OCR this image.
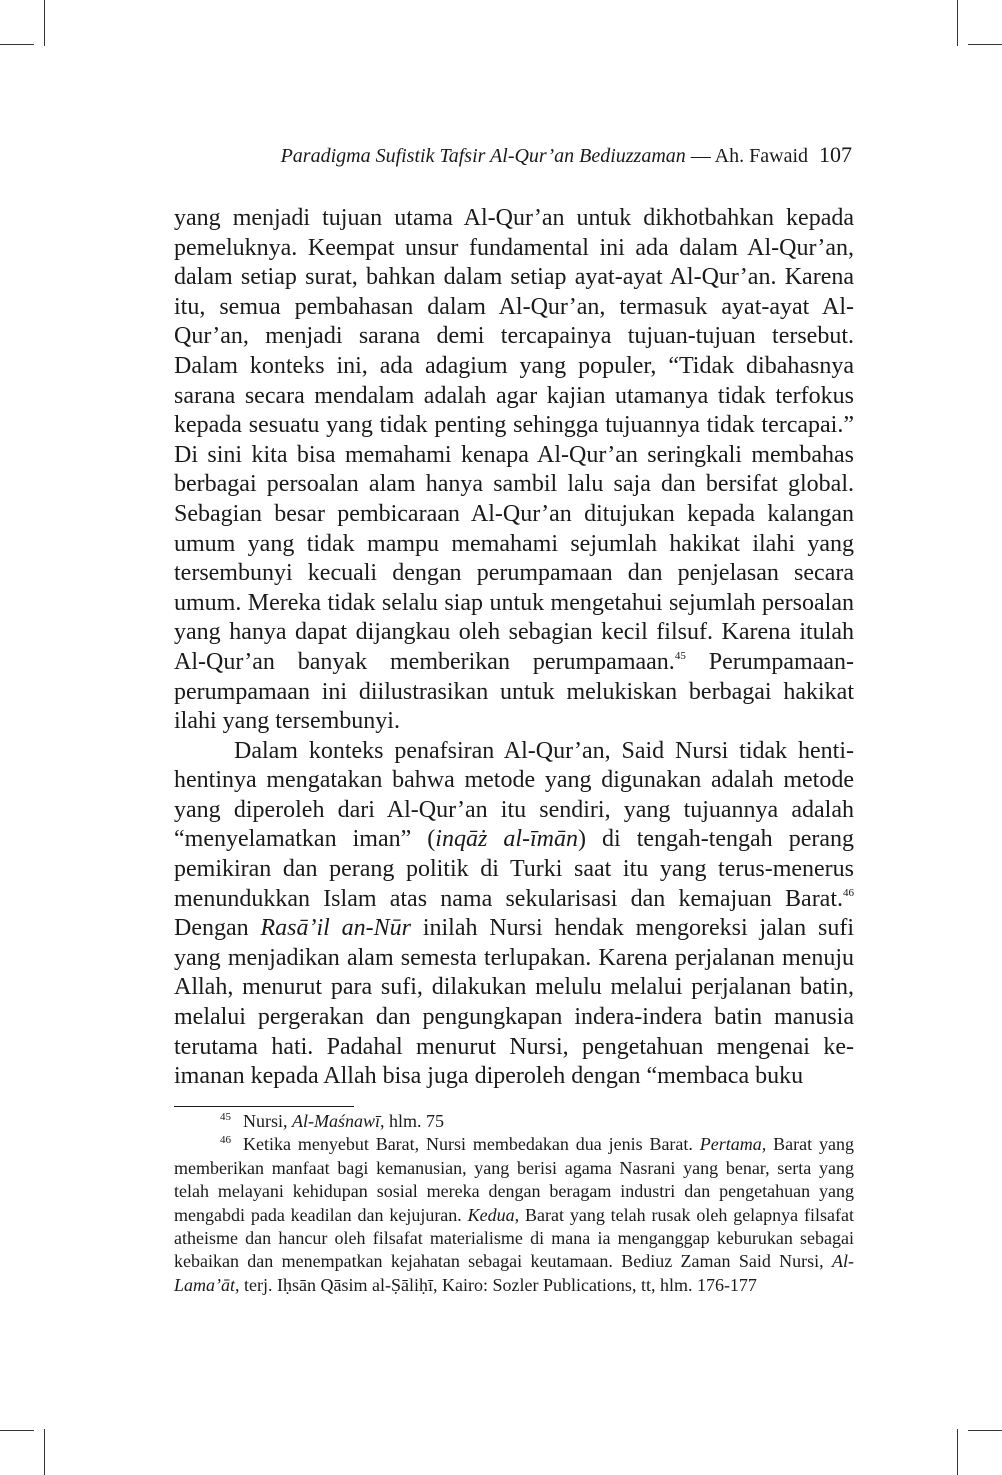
Paradigma Sufistik Tafsir Al-Qur’an Bediuzzaman — Ah. Fawaid 107

yang menjadi tujuan utama Al-Qur’an untuk dikhotbahkan kepada pemeluknya. Keempat unsur fundamental ini ada dalam Al-Qur’an, dalam setiap surat, bahkan dalam setiap ayat-ayat Al-Qur’an. Karena itu, semua pembahasan dalam Al-Qur’an, termasuk ayat-ayat Al-Qur’an, menjadi sarana demi tercapainya tujuan-tujuan tersebut. Dalam konteks ini, ada adagium yang populer, “Tidak dibahasnya sarana secara mendalam adalah agar kajian utamanya tidak terfokus kepada sesuatu yang tidak penting sehingga tujuannya tidak tercapai.” Di sini kita bisa memahami kenapa Al-Qur’an seringkali membahas berbagai persoalan alam hanya sambil lalu saja dan bersifat global. Sebagian besar pembicaraan Al-Qur’an ditujukan kepada kalangan umum yang tidak mampu memahami sejumlah hakikat ilahi yang tersembunyi kecuali dengan perumpamaan dan penjelasan secara umum. Mereka tidak selalu siap untuk mengetahui sejumlah persoalan yang hanya dapat dijangkau oleh sebagian kecil filsuf. Karena itulah Al-Qur’an banyak memberikan perumpamaan.$^{45}$ Perumpamaan-perumpamaan ini diilustrasikan untuk melukiskan berbagai hakikat ilahi yang tersembunyi.

Dalam konteks penafsiran Al-Qur’an, Said Nursi tidak henti-hentinya mengatakan bahwa metode yang digunakan adalah metode yang diperoleh dari Al-Qur’an itu sendiri, yang tujuannya adalah “menyelamatkan iman” (inqāż al-īmān) di tengah-tengah perang pemikiran dan perang politik di Turki saat itu yang terus-menerus menundukkan Islam atas nama sekularisasi dan kemajuan Barat.$^{46}$ Dengan Rasā’il an-Nūr inilah Nursi hendak mengoreksi jalan sufi yang menjadikan alam semesta terlupakan. Karena perjalanan menuju Allah, menurut para sufi, dilakukan melulu melalui perjalanan batin, melalui pergerakan dan pengungkapan indera-indera batin manusia terutama hati. Padahal menurut Nursi, pengetahuan mengenai keimanan kepada Allah bisa juga diperoleh dengan “membaca buku

$^{45}$ Nursi, Al-Maśnawī, hlm. 75

$^{46}$ Ketika menyebut Barat, Nursi membedakan dua jenis Barat. Pertama, Barat yang memberikan manfaat bagi kemanusian, yang berisi agama Nasrani yang benar, serta yang telah melayani kehidupan sosial mereka dengan beragam industri dan pengetahuan yang mengabdi pada keadilan dan kejujuran. Kedua, Barat yang telah rusak oleh gelapnya filsafat atheisme dan hancur oleh filsafat materialisme di mana ia menganggap keburukan sebagai kebaikan dan menempatkan kejahatan sebagai keutamaan. Bediuz Zaman Said Nursi, Al-Lama’āt, terj. Iḥsān Qāsim al-Ṣāliḥī, Kairo: Sozler Publications, tt, hlm. 176-177
